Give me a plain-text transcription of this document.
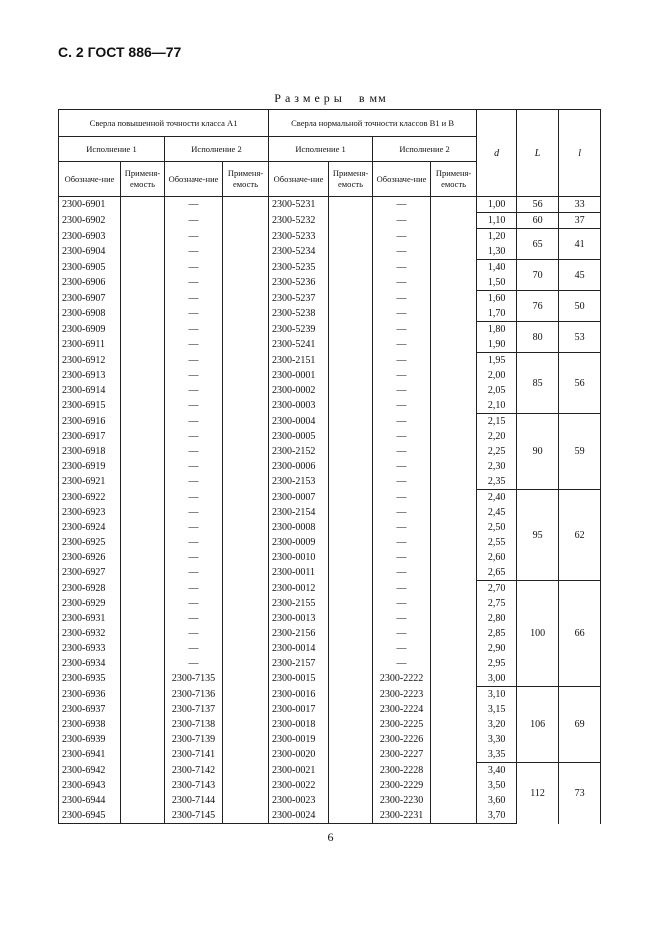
С. 2 ГОСТ 886—77
Размеры в мм
Сверла повышенной точности класса А1				Сверла нормальной точности классов В1 и В				d	L	l
Исполнение 1		Исполнение 2		Исполнение 1		Исполнение 2				
Обозначе-ние	Применя-емость	Обозначе-ние	Применя-емость	Обозначе-ние	Применя-емость	Обозначе-ние	Применя-емость			
2300-6901		—		2300-5231		—		1,00	56	33
2300-6902		—		2300-5232		—		1,10	60	37
2300-6903		—		2300-5233		—		1,20	65	41
2300-6904		—		2300-5234		—		1,30		
2300-6905		—		2300-5235		—		1,40	70	45
2300-6906		—		2300-5236		—		1,50		
2300-6907		—		2300-5237		—		1,60	76	50
2300-6908		—		2300-5238		—		1,70		
2300-6909		—		2300-5239		—		1,80	80	53
2300-6911		—		2300-5241		—		1,90		
2300-6912		—		2300-2151		—		1,95	85	56
2300-6913		—		2300-0001		—		2,00		
2300-6914		—		2300-0002		—		2,05		
2300-6915		—		2300-0003		—		2,10		
2300-6916		—		2300-0004		—		2,15	90	59
2300-6917		—		2300-0005		—		2,20		
2300-6918		—		2300-2152		—		2,25		
2300-6919		—		2300-0006		—		2,30		
2300-6921		—		2300-2153		—		2,35		
2300-6922		—		2300-0007		—		2,40	95	62
2300-6923		—		2300-2154		—		2,45		
2300-6924		—		2300-0008		—		2,50		
2300-6925		—		2300-0009		—		2,55		
2300-6926		—		2300-0010		—		2,60		
2300-6927		—		2300-0011		—		2,65		
2300-6928		—		2300-0012		—		2,70	100	66
2300-6929		—		2300-2155		—		2,75		
2300-6931		—		2300-0013		—		2,80		
2300-6932		—		2300-2156		—		2,85		
2300-6933		—		2300-0014		—		2,90		
2300-6934		—		2300-2157		—		2,95		
2300-6935		2300-7135		2300-0015		2300-2222		3,00		
2300-6936		2300-7136		2300-0016		2300-2223		3,10	106	69
2300-6937		2300-7137		2300-0017		2300-2224		3,15		
2300-6938		2300-7138		2300-0018		2300-2225		3,20		
2300-6939		2300-7139		2300-0019		2300-2226		3,30		
2300-6941		2300-7141		2300-0020		2300-2227		3,35		
2300-6942		2300-7142		2300-0021		2300-2228		3,40	112	73
2300-6943		2300-7143		2300-0022		2300-2229		3,50		
2300-6944		2300-7144		2300-0023		2300-2230		3,60		
2300-6945		2300-7145		2300-0024		2300-2231		3,70		
6
